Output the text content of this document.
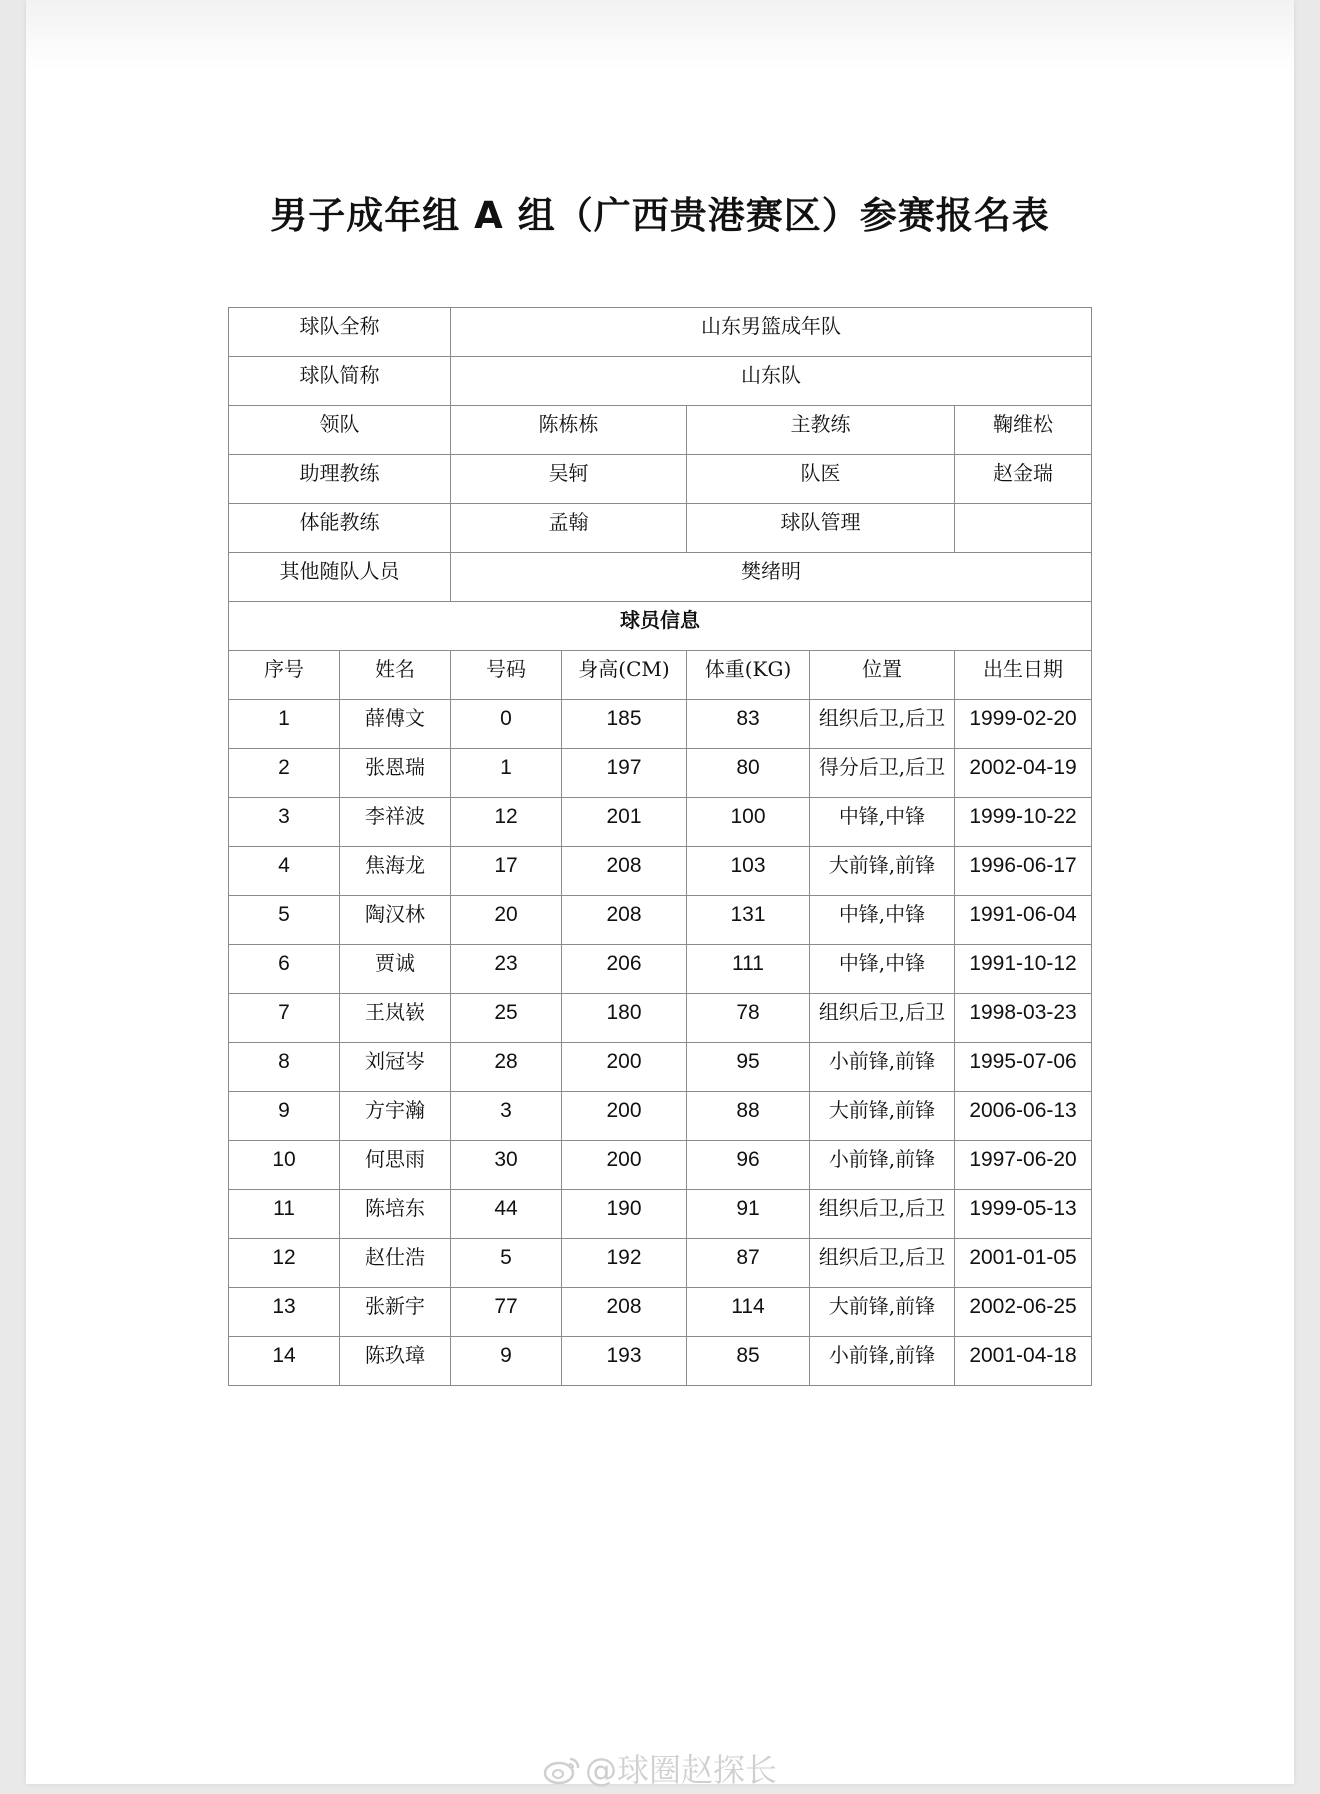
男子成年组 A 组（广西贵港赛区）参赛报名表
球队全称		山东男篮成年队				
球队简称		山东队				
领队		陈栋栋		主教练		鞠维松
助理教练		吴轲		队医		赵金瑞
体能教练		孟翰		球队管理		
其他随队人员		樊绪明				
球员信息						
序号	姓名	号码	身高(CM)	体重(KG)	位置	出生日期
1	薛傅文	0	185	83	组织后卫,后卫	1999-02-20
2	张恩瑞	1	197	80	得分后卫,后卫	2002-04-19
3	李祥波	12	201	100	中锋,中锋	1999-10-22
4	焦海龙	17	208	103	大前锋,前锋	1996-06-17
5	陶汉林	20	208	131	中锋,中锋	1991-06-04
6	贾诚	23	206	111	中锋,中锋	1991-10-12
7	王岚嵚	25	180	78	组织后卫,后卫	1998-03-23
8	刘冠岑	28	200	95	小前锋,前锋	1995-07-06
9	方宇瀚	3	200	88	大前锋,前锋	2006-06-13
10	何思雨	30	200	96	小前锋,前锋	1997-06-20
11	陈培东	44	190	91	组织后卫,后卫	1999-05-13
12	赵仕浩	5	192	87	组织后卫,后卫	2001-01-05
13	张新宇	77	208	114	大前锋,前锋	2002-06-25
14	陈玖璋	9	193	85	小前锋,前锋	2001-04-18
@球圈赵探长
